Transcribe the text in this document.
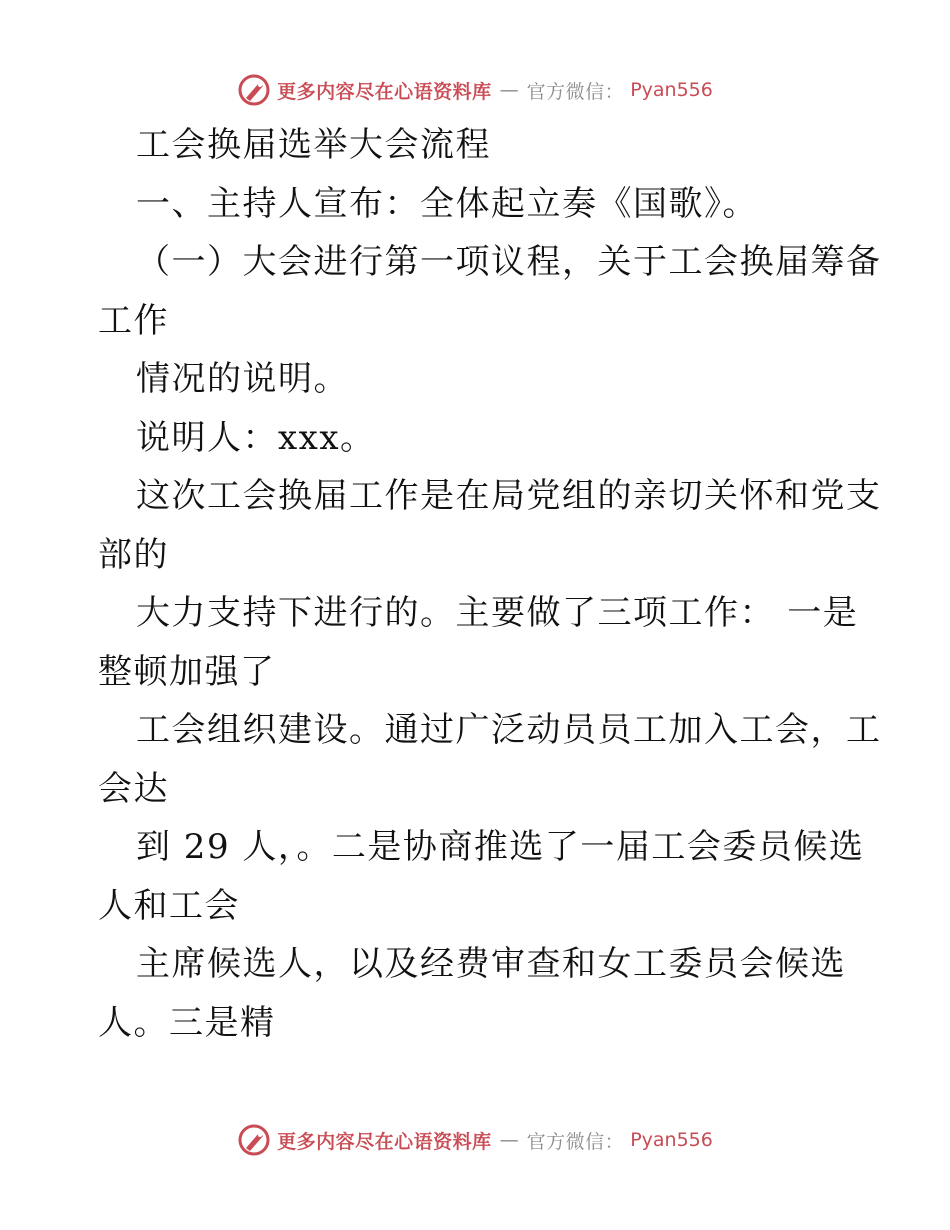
更多内容尽在心语资料库 — 官方微信： Pyan556
工会换届选举大会流程
一、主持人宣布：全体起立奏《国歌》。
（一）大会进行第一项议程，关于工会换届筹备
工作
情况的说明。
说明人：xxx。
这次工会换届工作是在局党组的亲切关怀和党支
部的
大力支持下进行的。主要做了三项工作： 一是
整顿加强了
工会组织建设。通过广泛动员员工加入工会，工
会达
到 29 人，。二是协商推选了一届工会委员候选
人和工会
主席候选人，以及经费审查和女工委员会候选
人。三是精
更多内容尽在心语资料库 — 官方微信： Pyan556
